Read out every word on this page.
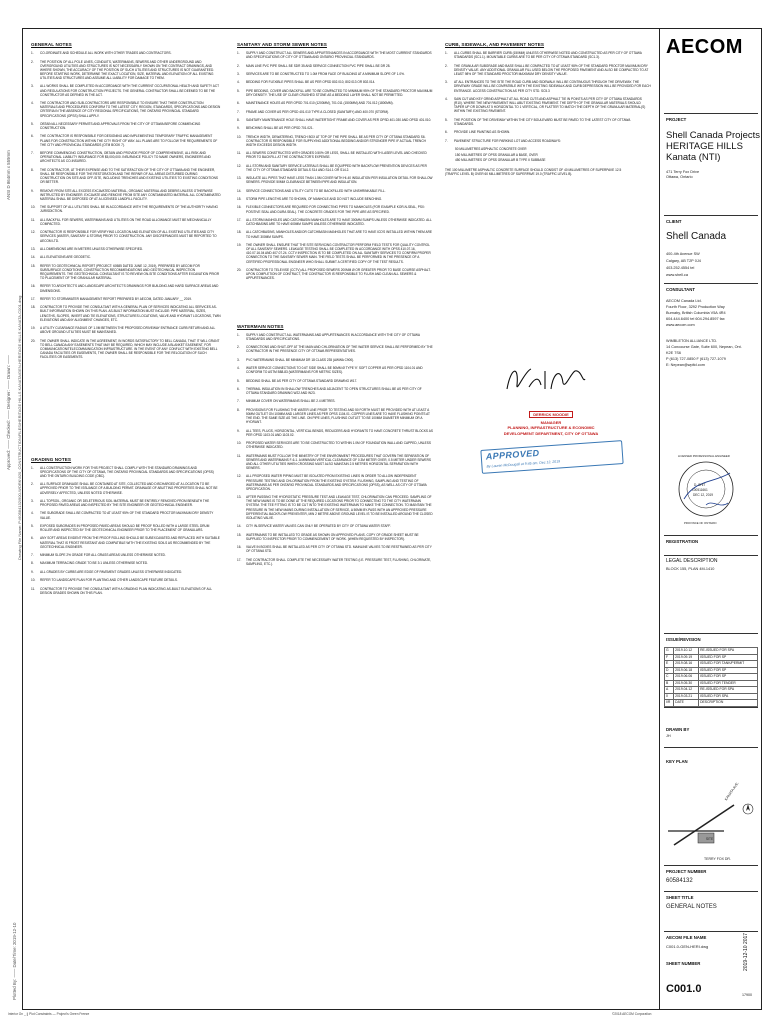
ANSI D 864mm x 559mm
Approved: —— Checked: —— Designer: —— Drawn: —— Drawing File Name: P:\60584132\900-WORK\920_CONSTRUCTION\FILES\HERITAGE HILLS KANATA\GEN-HERITAGE HILLS KANATA-C001.dwg
Plotted By: —— Date/Time: 2019-12-10
Interior On _ || Plot Constraints — Project's Green Freeze
GENERAL NOTES
1.	CO-ORDINATE AND SCHEDULE ALL WORK WITH OTHER TRADES AND CONTRACTORS.
2.	THE POSITION OF ALL POLE LINES, CONDUITS, WATERMAINS, SEWERS AND OTHER UNDERGROUND AND OVERGROUND UTILITIES AND STRUCTURES IS NOT NECESSARILY SHOWN ON THE CONTRACT DRAWINGS, AND WHERE SHOWN, THE ACCURACY OF THE POSITION OF SUCH UTILITIES AND STRUCTURES IS NOT GUARANTEED. BEFORE STARTING WORK, DETERMINE THE EXACT LOCATION, SIZE, MATERIAL AND ELEVATION OF ALL EXISTING UTILITIES AND STRUCTURES AND ASSUME ALL LIABILITY FOR DAMAGE TO THEM.
3.	ALL WORKS SHALL BE COMPLETED IN ACCORDANCE WITH THE CURRENT OCCUPATIONAL HEALTH AND SAFETY ACT AND REGULATIONS FOR CONSTRUCTION PROJECTS. THE GENERAL CONTRACTOR SHALL BE DEEMED TO BE THE CONSTRUCTOR AS DEFINED IN THE ACT.
4.	THE CONTRACTOR AND SUB-CONTRACTORS ARE RESPONSIBLE TO ENSURE THAT THEIR CONSTRUCTION MATERIALS AND PROCEDURES CONFORM TO THE LATEST CITY, REGION, STANDARDS, SPECIFICATIONS AND DESIGN CRITERIA IN THE ABSENCE OF CITY REGIONAL SPECIFICATIONS, THE ONTARIO PROVINCIAL STANDARD SPECIFICATIONS (OPSS) SHALL APPLY.
5.	OBTAIN ALL NECESSARY PERMITS AND APPROVALS FROM THE CITY OF OTTAWA BEFORE COMMENCING CONSTRUCTION.
6.	THE CONTRACTOR IS RESPONSIBLE FOR DESIGNING AND IMPLEMENTING TEMPORARY TRAFFIC MANAGEMENT PLANS FOR CONSTRUCTION WITHIN THE CITY RIGHT OF WAY. ALL PLANS ARE TO FOLLOW THE REQUIREMENTS OF THE CITY AND PROVINCIAL STANDARDS (OTM BOOK 7).
7.	BEFORE COMMENCING CONSTRUCTION, OBTAIN AND PROVIDE PROOF OF COMPREHENSIVE, ALL RISK AND OPERATIONAL LIABILITY INSURANCE FOR $5,000,000. INSURANCE POLICY TO NAME OWNERS, ENGINEERS AND ARCHITECTS AS CO-INSURED.
8.	THE CONTRACTOR, AT THEIR EXPENSE AND TO THE SATISFACTION OF THE CITY OF OTTAWA AND THE ENGINEER, SHALL BE RESPONSIBLE FOR THE RESTORATION AND THE REPAIR OF ALL AREAS DISTURBED DURING CONSTRUCTION ON SITE AND OFF-SITE, INCLUDING TRENCHES AND EXISTING UTILITIES TO EXISTING CONDITIONS OR BETTER.
9.	REMOVE FROM SITE ALL EXCESS EXCAVATED MATERIAL, ORGANIC MATERIAL AND DEBRIS UNLESS OTHERWISE INSTRUCTED BY ENGINEER. EXCAVATE AND REMOVE FROM SITE ANY CONTAMINATED MATERIAL ALL CONTAMINATED MATERIAL SHALL BE DISPOSED OF AT A LICENSED LANDFILL FACILITY.
10.	THE SUPPORT OF ALL UTILITIES SHALL BE IN ACCORDANCE WITH THE REQUIREMENTS OF THE AUTHORITY HAVING JURISDICTION.
11.	ALL BACKFILL FOR SEWERS, WATERMAINS AND UTILITIES ON THE ROAD ALLOWANCE MUST BE MECHANICALLY COMPACTED.
12.	CONTRACTOR IS RESPONSIBLE FOR VERIFYING LOCATION AND ELEVATION OF ALL EXISTING UTILITIES AND CITY SERVICES (WATER, SANITARY & STORM) PRIOR TO CONSTRUCTION. ANY DISCREPANCIES MUST BE REPORTED TO AECOM LTD.
13.	ALL DIMENSIONS ARE IN METERS UNLESS OTHERWISE SPECIFIED.
14.	ALL ELEVATIONS ARE GEODETIC.
15.	REFER TO GEOTECHNICAL REPORT (PROJECT: 60585 DATED JUNE 12, 2019), PREPARED BY AECOM FOR SUBSURFACE CONDITIONS, CONSTRUCTION RECOMMENDATIONS AND GEOTECHNICAL INSPECTION REQUIREMENTS. THE GEOTECHNICAL CONSULTANT IS TO REVIEW ON-SITE CONDITIONS AFTER EXCAVATION PRIOR TO PLACEMENT OF THE GRANULAR MATERIAL.
16.	REFER TO ARCHITECT'S AND LANDSCAPE ARCHITECT'S DRAWINGS FOR BUILDING AND HARD SURFACE AREAS AND DIMENSIONS.
17.	REFER TO STORMWATER MANAGEMENT REPORT PREPARED BY AECOM, DATED JANUARY __ 2019.
18.	CONTRACTOR TO PROVIDE THE CONSULTANT WITH A GENERAL PLAN OF SERVICES INDICATING ALL SERVICES AS-BUILT INFORMATION SHOWN ON THIS PLAN. AS-BUILT INFORMATION MUST INCLUDE: PIPE MATERIAL, SIZES, LENGTHS, SLOPES, INVERT AND TIE ELEVATIONS, STRUCTURES LOCATIONS, VALVE AND HYDRANT LOCATIONS, TWIN ELEVATIONS AND ANY ALIGNMENT CHANGES, ETC.
19.	A UTILITY CLEARANCE RADIUS OF 1.0M BETWEEN THE PROPOSED DRIVEWAY ENTRANCE CURB RETURN AND ALL ABOVE GROUND UTILITIES MUST BE MAINTAINED.
20.	THE OWNER SHALL INDICATE IN THE AGREEMENT, IN WORDS SATISFACTORY TO BELL CANADA, THAT IT WILL GRANT TO BELL CANADA ANY EASEMENTS THAT MAY BE REQUIRED, WHICH MAY INCLUDE A BLANKET EASEMENT, FOR COMMUNICATION/TELECOMMUNICATION INFRASTRUCTURE. IN THE EVENT OF ANY CONFLICT WITH EXISTING BELL CANADA FACILITIES OR EASEMENTS, THE OWNER SHALL BE RESPONSIBLE FOR THE RELOCATION OF SUCH FACILITIES OR EASEMENTS.
GRADING NOTES
1.	ALL CONSTRUCTION WORK FOR THIS PROJECT SHALL COMPLY WITH THE STANDARD DRAWINGS AND SPECIFICATIONS OF THE CITY OF OTTAWA, THE ONTARIO PROVINCIAL STANDARDS AND SPECIFICATIONS (OPSS) AND THE ONTARIO BUILDING CODE (OBC).
2.	ALL SURFACE DRAINAGE SHALL BE CONTAINED AT SITE, COLLECTED AND DISCHARGED AT A LOCATION TO BE APPROVED PRIOR TO THE ISSUANCE OF A BUILDING PERMIT. DRAINAGE OF ABUTTING PROPERTIES SHALL NOT BE ADVERSELY AFFECTED, UNLESS NOTED OTHERWISE.
3.	ALL TOPSOIL, ORGANIC OR DELETERIOUS SOIL MATERIAL MUST BE ENTIRELY REMOVED FROM BENEATH THE PROPOSED PAVED AREAS AND INSPECTED BY THE SITE ENGINEER OR GEOTECHNICAL ENGINEER.
4.	THE SUBGRADE SHALL BE COMPACTED TO AT LEAST 95% OF THE STANDARD PROCTOR MAXIMUM DRY DENSITY VALUE.
5.	EXPOSED SUBGRADES IN PROPOSED PAVED AREAS SHOULD BE PROOF ROLLED WITH A LARGE STEEL DRUM ROLLER AND INSPECTED BY THE GEOTECHNICAL ENGINEER PRIOR TO THE PLACEMENT OF GRANULARS.
6.	ANY SOFT AREAS EVIDENT FROM THE PROOF ROLLING SHOULD BE SUBEXCAVATED AND REPLACED WITH SUITABLE MATERIAL THAT IS FROST RESISTANT AND COMPATIBLE WITH THE EXISTING SOILS AS RECOMMENDED BY THE GEOTECHNICAL ENGINEER.
7.	MINIMUM SLOPE 2% GRADE FOR ALL GRASS AREAS UNLESS OTHERWISE NOTED.
8.	MAXIMUM TERRACING GRADE TO BE 3:1 UNLESS OTHERWISE NOTED.
9.	ALL GRADES BY CURBS ARE EDGE OF PAVEMENT GRADES UNLESS OTHERWISE INDICATED.
10.	REFER TO LANDSCAPE PLAN FOR PLANTING AND OTHER LANDSCAPE FEATURE DETAILS.
11.	CONTRACTOR TO PROVIDE THE CONSULTANT WITH A GRADING PLAN INDICATING AS-BUILT ELEVATIONS OF ALL DESIGN GRADES SHOWN ON THIS PLAN.
SANITARY AND STORM SEWER NOTES
1.	SUPPLY AND CONSTRUCT ALL SEWERS AND APPURTENANCES IN ACCORDANCE WITH THE MOST CURRENT STANDARDS AND SPECIFICATIONS OF CITY OF OTTAWA AND ONTARIO PROVINCIAL STANDARDS.
2.	MAIN LINE PVC PIPE SHALL BE SDR 35 AND SERVICE CONNECTION PVC PIPE SHALL BE DR 28.
3.	SERVICES ARE TO BE CONSTRUCTED TO 1.0M FROM FACE OF BUILDING AT A MINIMUM SLOPE OF 1.0%.
4.	BEDDING FOR FLEXIBLE PIPES SHALL BE AS PER OPSD 802.010, 802.013 OR 802.014.
5.	PIPE BEDDING, COVER AND BACKFILL ARE TO BE COMPACTED TO MINIMUM 95% OF THE STANDARD PROCTOR MAXIMUM DRY DENSITY. THE USE OF CLEAR CRUSHED STONE AS A BEDDING LAYER SHALL NOT BE PERMITTED.
6.	MAINTENANCE HOLES AS PER OPSD 701.010 (1200MM), 701.011 (1500MM) AND 701.012 (1800MM).
7.	FRAME AND COVER AS PER OPSD 401.010 TYPE A CLOSED (SANITARY) AND 400.070 (STORM).
8.	SANITARY MAINTENANCE HOLE SHALL HAVE WATERTIGHT FRAME AND COVER AS PER OPSD 401.030 AND OPSD 401.010.
9.	BENCHING SHALL BE AS PER OPSD 701.021.
10.	TRENCH WIDTH, DEWATERING, TRENCH BOX AT TOP OF THE PIPE SHALL BE AS PER CITY OF OTTAWA STANDARD S6. CONTRACTOR IS RESPONSIBLE FOR SUPPLYING ADDITIONAL BEDDING AND/OR STRONGER PIPE IF ACTUAL TRENCH WIDTH EXCEEDS DESIGN WIDTH.
11.	ALL SEWERS CONSTRUCTED WITH GRADES 0.50% OR LESS, SHALL BE INSTALLED WITH LASER LEVEL AND CHECKED PRIOR TO BACKFILL AT THE CONTRACTOR'S EXPENSE.
12.	ALL STORM AND SANITARY SERVICE LATERALS SHALL BE EQUIPPED WITH BACKFLOW PREVENTION DEVICES AS PER THE CITY OF OTTAWA STANDARD DETAILS S14 AND S14.1 OR S14.2.
13.	INSULATE ALL PIPES THAT HAVE LESS THAN 1.5M COVER WITH HI-40 INSULATION PER INSULATION DETAIL FOR SHALLOW SEWERS. PROVIDE 50MM CLEARANCE BETWEEN PIPE AND INSULATION.
14.	SERVICE CONNECTIONS AND UTILITY CUTS TO BE BACKFILLED WITH UNSHRINKABLE FILL.
15.	STORM PIPE LENGTHS ARE TO SHOWN, OF MANHOLE AND DO NOT INCLUDE BENCHING.
16.	FLEXIBLE CONNECTORS ARE REQUIRED FOR CONNECTING PIPES TO MANHOLES (FOR EXAMPLE KOR-N-SEAL, PSX: POSITIVE SEAL AND DURA SEAL). THE CONCRETE GRADES FOR THE PIPE ARE AS SPECIFIED.
17.	ALL STORM MANHOLES AND CATCHBASIN MANHOLES ARE TO HAVE 300MM SUMPS UNLESS OTHERWISE INDICATED. ALL CATCHBASINS ARE TO HAVE 600MM SUMPS UNLESS OTHERWISE INDICATED.
18.	ALL CATCHBASINS, MANHOLES AND/OR CATCHBASIN MANHOLES THAT ARE TO HAVE ICD'S INSTALLED WITHIN THEM ARE TO HAVE 300MM SUMPS.
19.	THE OWNER SHALL ENSURE THAT THE SITE SERVICING CONTRACTOR PERFORM FIELD TESTS FOR QUALITY CONTROL OF ALL SANITARY SEWERS. LEAKAGE TESTING SHALL BE COMPLETED IN ACCORDANCE WITH OPSS 410.07.16, 410.07.16.04 AND 407.07.24. CCTV INSPECTION IS TO BE COMPLETED ON ALL SANITARY SERVICES TO CONFIRM PROPER CONNECTION TO THE SANITARY SEWER MAIN. THE FIELD TESTS SHALL BE PERFORMED IN THE PRESENCE OF A CERTIFIED PROFESSIONAL ENGINEER WHO SHALL SUBMIT A CERTIFIED COPY OF THE TEST RESULTS.
20.	CONTRACTOR TO TELEVISE (CCTV) ALL PROPOSED SEWERS 200MM Ø OR GREATER PRIOR TO BASE COURSE ASPHALT. UPON COMPLETION OF CONTRACT, THE CONTRACTOR IS RESPONSIBLE TO FLUSH AND CLEAN ALL SEWERS & APPURTENANCES.
WATERMAIN NOTES
1.	SUPPLY AND CONSTRUCT ALL WATERMAINS AND APPURTENANCES IN ACCORDANCE WITH THE CITY OF OTTAWA STANDARDS AND SPECIFICATIONS.
2.	CONNECTIONS AND SHUT-OFF AT THE MAIN AND CHLORINATION OF THE WATER SERVICE SHALL BE PERFORMED BY THE CONTRACTOR IN THE PRESENCE CITY OF OTTAWA REPRESENTATIVES.
3.	PVC WATERMAINS SHALL BE MINIMUM DR 18 CLASS 235 (AWWA C900).
4.	WATER SERVICE CONNECTIONS TO 0.6T SIDE SHALL BE 50MM Ø TYPE 'K' SOFT COPPER AS PER OPSD 1104.01 AND CONFORM TO ASTM B88-83 (WATERMAINS FOR METRIC SIZES).
5.	BEDDING SHALL BE AS PER CITY OF OTTAWA STANDARD DRAWING W17.
6.	THERMAL INSULATION IN SHALLOW TRENCHES AND ADJACENT TO OPEN STRUCTURES SHALL BE AS PER CITY OF OTTAWA STANDARD DRAWING W22 AND W23.
7.	MINIMUM COVER ON WATERMAINS SHALL BE 2.4 METRES.
8.	PROVISIONS FOR FLUSHING THE WATER LINE PRIOR TO TESTING AND 50 FORTH MUST BE PROVIDED WITH AT LEAST A 50MM OUTLET ON 100MM AND LARGER LINES AS PER OPSS 1104.01. COPPER LINES ARE TO HAVE FLUSHING POINTS AT THE END. THE SAME SIZE AS THE LINE. ON PIPE LINES, FLUSHING OUTLET TO BE 100MM DIAMETER MINIMUM OR A HYDRANT.
9.	ALL TEES, PLUGS, HORIZONTAL, VERTICAL BENDS, REDUCERS AND HYDRANTS TO HAVE CONCRETE THRUST BLOCKS AS PER OPSD 1103.01 AND 1103.02.
10.	PROPOSED WATER SERVICES ARE TO BE CONSTRUCTED TO WITHIN 1.0M OF FOUNDATION WALL AND CAPPED, UNLESS OTHERWISE INDICATED.
11.	WATERMAINS MUST FOLLOW THE MINISTRY OF THE ENVIRONMENT PROCEDURES THAT GOVERN THE SEPARATION OF SEWERS AND WATERMAINS F-6-1. A MINIMUM VERTICAL CLEARANCE OF 0.3M METER OVER, 0.5 METER UNDER SEWERS AND ALL OTHER UTILITIES WHEN CROSSING MUST ALSO MAINTAIN 2.5 METRES HORIZONTAL SEPARATION WITH SEWERS.
12.	ALL PROPOSED WATER PIPING MUST BE ISOLATED FROM EXISTING LINES IN ORDER TO ALLOW INDEPENDENT PRESSURE TESTING AND CHLORINATION FROM THE EXISTING SYSTEM. FLUSHING, SAMPLING AND TESTING OF WATERMAINS AS PER ONTARIO PROVINCIAL STANDARDS AND SPECIFICATIONS (OPSS), AS WELL AS CITY OF OTTAWA SPECIFICATION.
13.	AFTER PASSING THE HYDROSTATIC PRESSURE TEST AND LEAKAGE TEST, CHLORINATION CAN PROCEED. SAMPLING OF THE NEW MAINS IS TO BE DONE AT THE REQUIRED LOCATIONS PRIOR TO CONNECTING TO THE CITY WATERMAIN SYSTEM. THE TEE FITTING IS TO BE CUT INTO THE EXISTING WATERMAIN TO MAKE THE CONNECTION. TO MAINTAIN THE PRESSURE IN THE NEW MAINS DURING INSTALLATION OF SERVICE, A 50MM BY-PASS WITH AN APPROVED PRESSURE DIFFERENTIAL BACKFLOW PREVENTER, MIN 2 METRE ABOVE GROUND LEVEL IS TO BE INSTALLED AROUND THE CLOSED ISOLATING VALVE.
14.	CITY IN-SERVICE WATER VALVES CAN ONLY BE OPERATED BY CITY OF OTTAWA WATER STAFF.
15.	WATERMAINS TO BE INSTALLED TO GRADE AS SHOWN ON APPROVED PLANS. COPY OF GRADE SHEET MUST BE SUPPLIED TO INSPECTOR PRIOR TO COMMENCEMENT OF WORK. (WHEN REQUESTED BY INSPECTOR).
16.	VALVE IN BOXES SHALL BE INSTALLED AS PER CITY OF OTTAWA STD. MAINLINE VALVES TO BE RESTRAINED AS PER CITY OF OTTAWA STD.
17.	THE CONTRACTOR SHALL COMPLETE THE NECESSARY WATER TESTING (I.E. PRESSURE TEST, FLUSHING, CHLORINATE, SAMPLING, ETC.).
CURB, SIDEWALK, AND PAVEMENT NOTES
1.	ALL CURBS SHALL BE BARRIER CURB (150MM) UNLESS OTHERWISE NOTED AND CONSTRUCTED AS PER CITY OF OTTAWA STANDARDS (SC1.1). MOUNTABLE CURBS ARE TO BE PER CITY OF OTTAWA STANDARD (SC1.3).
2.	THE GRANULAR SUBGRADE AND BASE SHALL BE COMPACTED TO AT LEAST 98% OF THE STANDARD PROCTOR MAXIMUM DRY DENSITY VALUE. ANY ADDITIONAL GRANULAR FILL USED BELOW THE PROPOSED PAVEMENT AND ALSO BE COMPACTED TO AT LEAST 98% OF THE STANDARD PROCTOR MAXIMUM DRY DENSITY VALUE.
3.	AT ALL ENTRANCES TO THE SITE THE ROAD CURB AND SIDEWALK WILL BE CONTINUOUS THROUGH THE DRIVEWAY. THE DRIVEWAY GRADE WILL BE COMPATIBLE WITH THE EXISTING SIDEWALK AND CURB DEPRESSION WILL BE PROVIDED FOR EACH ENTRANCE. ACCESS CONSTRUCTION AS PER CITY STD. SC5.3
4.	SAW CUT AND KEY GRIND ASPHALT AT ALL ROAD CUTS AND ASPHALT TIE IN POINTS AS PER CITY OF OTTAWA STANDARDS (R10). WHERE THE NEW PAVEMENT WILL ABUT EXISTING PAVEMENT. THE DEPTH OF THE GRANULAR MATERIALS SHOULD TAPER UP OR DOWN AT 5 HORIZONTAL TO 1 VERTICAL, OR FLATTER TO MATCH THE DEPTH OF THE GRANULAR MATERIAL(S) WITHIN THE EXISTING PAVEMENT.
5.	THE POSITION OF THE DRIVEWAY WITHIN THE CITY BOULEVARD MUST BE PAVED TO THE LATEST CITY OF OTTAWA STANDARDS.
6.	PROVIDE LINE PAINTING AS SHOWN.
7.	PAVEMENT STRUCTURE FOR PARKING LOT AND ACCESS ROADWAYS:
50 MILLIMETRES ASPHALTIC CONCRETE OVER
150 MILLIMETRES OF OPSS GRANULAR A BASE, OVER
450 MILLIMETRES OF OPSS GRANULAR B TYPE II SUBBASE
THE 100 MILLIMETRE ASPHALTIC CONCRETE SURFACE SHOULD CONSIST OF 40 MILLIMETRES OF SUPERPAVE 12.5
(TRAFFIC LEVEL B) OVER 60 MILLIMETRES OF SUPERPAVE 19.0 (TRAFFIC LEVEL B).
Derrick Moodie
DERRICK MOODIE
MANAGER
PLANNING, INFRASTRUCTURE & ECONOMIC
DEVELOPMENT DEPARTMENT, CITY OF OTTAWA
APPROVED
By Lauren McDougall at 9:45 am, Dec 12, 2019
AECOM
PROJECT
Shell Canada Projects HERITAGE HILLS Kanata (NTI)
471 Terry Fox Drive
Ottawa, Ontario
CLIENT
Shell Canada
400-4th Avenue SW
Calgary, AB T2P 0J4
403.252.4554 tel
www.shell.ca
CONSULTANT
AECOM Canada Ltd.
Fourth Floor, 3292 Production Way
Burnaby, British Columbia V5A 4R4
604.444.6400 tel 604.294.8597 fax
www.aecom.com
WIMBLETON ALLIANCE LTD.
14 Concourse Gate, Suite 600, Nepean, Ont.
K2E 7S6
P (613) 727-0850 F (613) 727-1079
E: Nepean@wpltd.com
D. SHIT
100511661
DEC 12, 2019
LICENSED PROFESSIONAL ENGINEER
PROVINCE OF ONTARIO
REGISTRATION
LEGAL DESCRIPTION
BLOCK 155, PLAN 4M-1410
ISSUE/REVISION
G	2019.10.12	RE-ISSUED FOR SPA
F	2019.09.19	ISSUED FOR SP
E	2019.08.16	ISSUED FOR TANK/PERMIT
D	2019.06.18	ISSUED FOR SP
C	2019.06.06	ISSUED FOR SP
B	2019.05.30	ISSUED FOR TENDER
A	2019.04.12	RE-ISSUED FOR SPA
0	2019.03.21	ISSUED FOR SPA
I/R	DATE	DESCRIPTION
DRAWN BY
JH
KEY PLAN
KANATA AVE.
SITE
TERRY FOX DR.
PROJECT NUMBER
60584132
SHEET TITLE
GENERAL NOTES
AECOM FILE NAME
C001.0-GEN-HERI.dwg
SHEET NUMBER
C001.0	17900
2019-12-10 2017
©2018 AECOM Corporation
